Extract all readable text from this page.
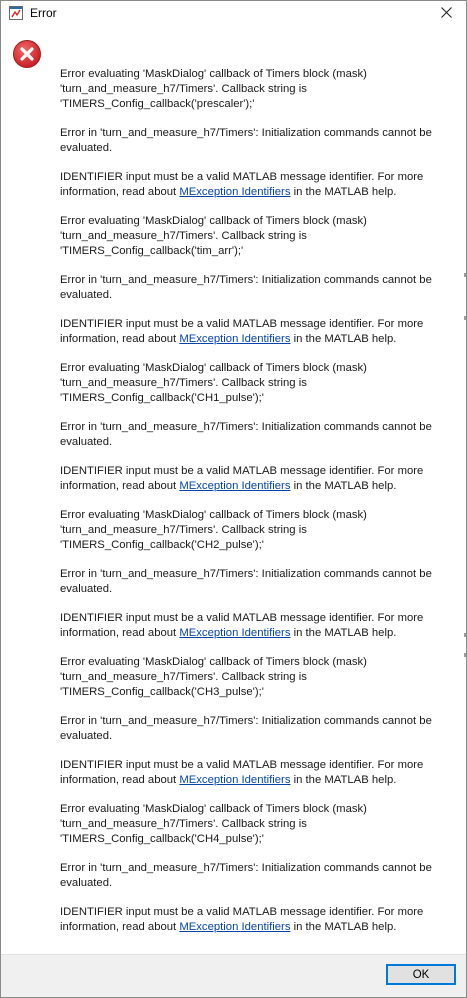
Error

Error evaluating 'MaskDialog' callback of Timers block (mask) 'turn_and_measure_h7/Timers'. Callback string is 'TIMERS_Config_callback('prescaler');'

Error in 'turn_and_measure_h7/Timers': Initialization commands cannot be evaluated.

IDENTIFIER input must be a valid MATLAB message identifier. For more information, read about MException Identifiers in the MATLAB help.

Error evaluating 'MaskDialog' callback of Timers block (mask) 'turn_and_measure_h7/Timers'. Callback string is 'TIMERS_Config_callback('tim_arr');'

Error in 'turn_and_measure_h7/Timers': Initialization commands cannot be evaluated.

IDENTIFIER input must be a valid MATLAB message identifier. For more information, read about MException Identifiers in the MATLAB help.

Error evaluating 'MaskDialog' callback of Timers block (mask) 'turn_and_measure_h7/Timers'. Callback string is 'TIMERS_Config_callback('CH1_pulse');'

Error in 'turn_and_measure_h7/Timers': Initialization commands cannot be evaluated.

IDENTIFIER input must be a valid MATLAB message identifier. For more information, read about MException Identifiers in the MATLAB help.

Error evaluating 'MaskDialog' callback of Timers block (mask) 'turn_and_measure_h7/Timers'. Callback string is 'TIMERS_Config_callback('CH2_pulse');'

Error in 'turn_and_measure_h7/Timers': Initialization commands cannot be evaluated.

IDENTIFIER input must be a valid MATLAB message identifier. For more information, read about MException Identifiers in the MATLAB help.

Error evaluating 'MaskDialog' callback of Timers block (mask) 'turn_and_measure_h7/Timers'. Callback string is 'TIMERS_Config_callback('CH3_pulse');'

Error in 'turn_and_measure_h7/Timers': Initialization commands cannot be evaluated.

IDENTIFIER input must be a valid MATLAB message identifier. For more information, read about MException Identifiers in the MATLAB help.

Error evaluating 'MaskDialog' callback of Timers block (mask) 'turn_and_measure_h7/Timers'. Callback string is 'TIMERS_Config_callback('CH4_pulse');'

Error in 'turn_and_measure_h7/Timers': Initialization commands cannot be evaluated.

IDENTIFIER input must be a valid MATLAB message identifier. For more information, read about MException Identifiers in the MATLAB help.

OK
